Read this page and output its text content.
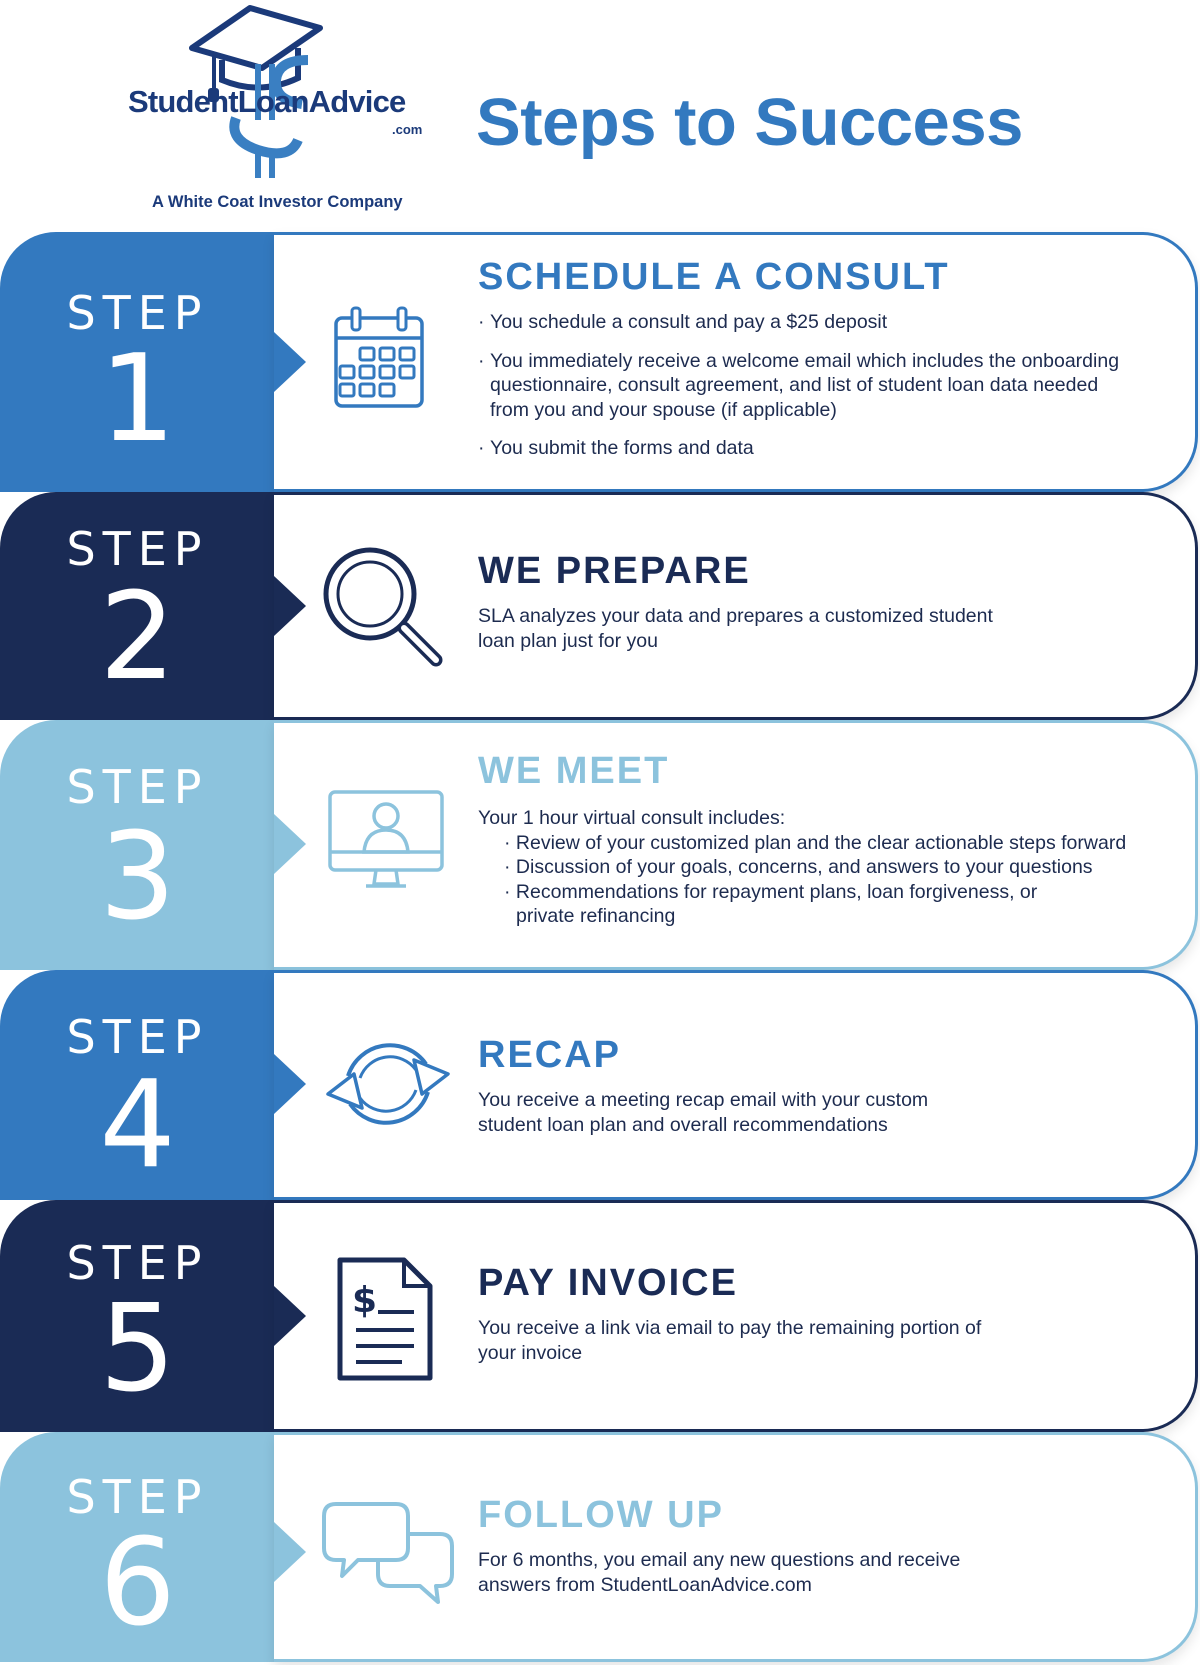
StudentLoanAdvice
.com
A White Coat Investor Company
Steps to Success
STEP
1
SCHEDULE A CONSULT
· You schedule a consult and pay a $25 deposit
· You immediately receive a welcome email which includes the onboarding
questionnaire, consult agreement, and list of student loan data needed
from you and your spouse (if applicable)
· You submit the forms and data
STEP
2	WE PREPARE
SLA analyzes your data and prepares a customized student
loan plan just for you
STEP
3
WE MEET
Your 1 hour virtual consult includes:
· Review of your customized plan and the clear actionable steps forward
· Discussion of your goals, concerns, and answers to your questions
· Recommendations for repayment plans, loan forgiveness, or
private refinancing
STEP
4
RECAP
You receive a meeting recap email with your custom
student loan plan and overall recommendations
STEP
5	$	PAY INVOICE
You receive a link via email to pay the remaining portion of
your invoice
STEP
6	FOLLOW UP
For 6 months, you email any new questions and receive
answers from StudentLoanAdvice.com
